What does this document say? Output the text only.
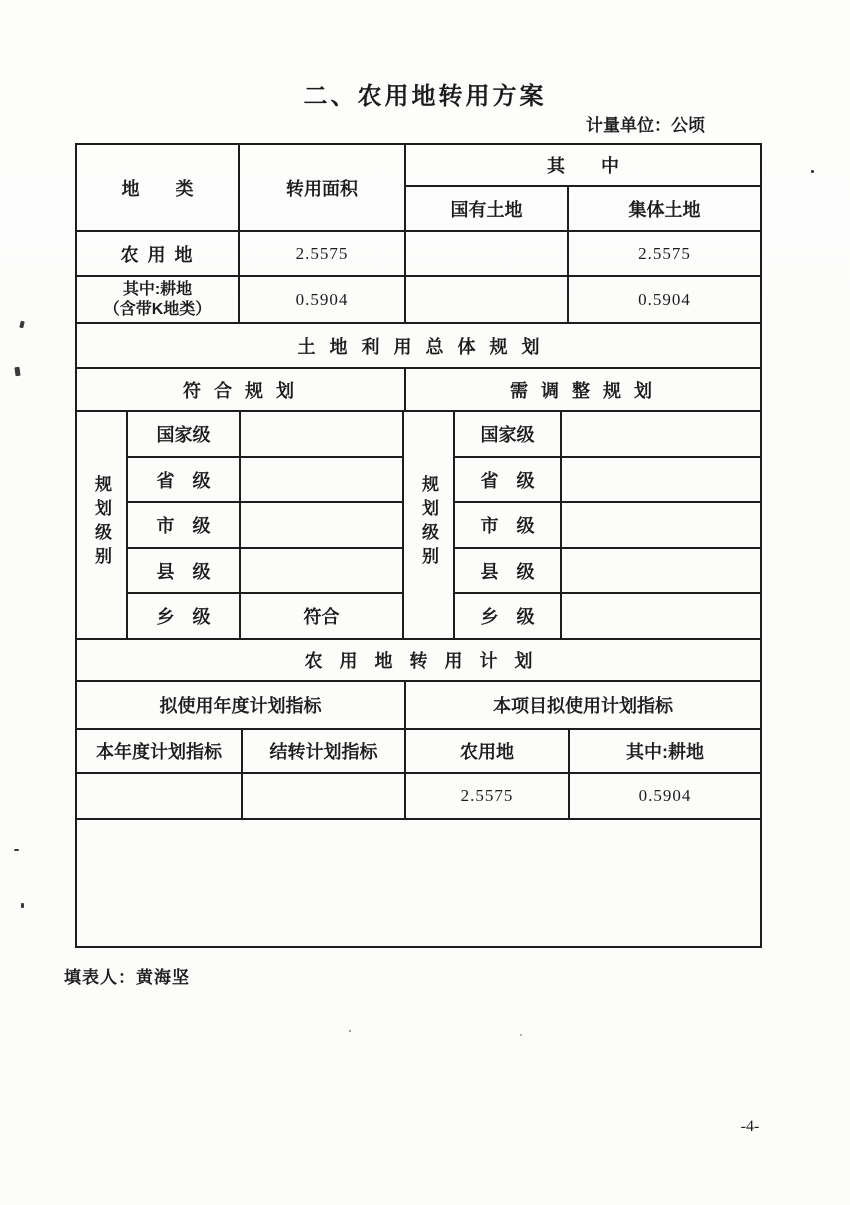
二、农用地转用方案
计量单位：公顷
地　　类	转用面积	其　　中	
		国有土地	集体土地
农 用 地	2.5575		2.5575

其中:耕地
（含带K地类）	0.5904		0.5904
土地利用总体规划
符 合 规 划	需 调 整 规 划
规划级别	国家级		规划级别	国家级	
	省　级			省　级	
	市　级			市　级	
	县　级			县　级	
	乡　级	符合		乡　级	
农用地转用计划
拟使用年度计划指标	本项目拟使用计划指标
本年度计划指标	结转计划指标	农用地	其中:耕地
		2.5575	0.5904

填表人：黄海坚
-4-
